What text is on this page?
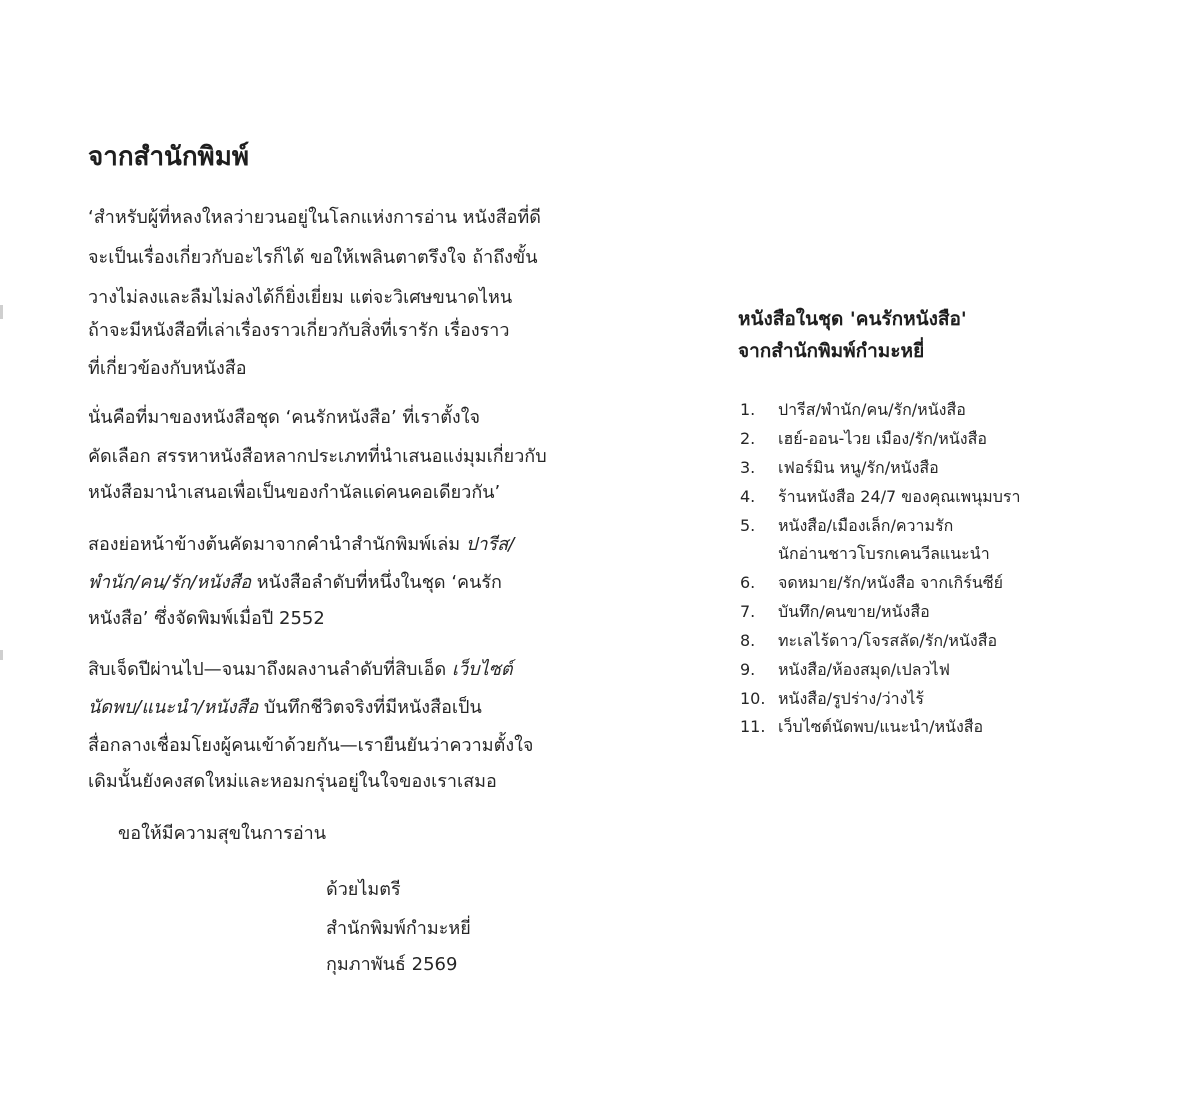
จากสำนักพิมพ์
‘สำหรับผู้ที่หลงใหลว่ายวนอยู่ในโลกแห่งการอ่าน หนังสือที่ดี
จะเป็นเรื่องเกี่ยวกับอะไรก็ได้ ขอให้เพลินตาตรึงใจ ถ้าถึงขั้น
วางไม่ลงและลืมไม่ลงได้ก็ยิ่งเยี่ยม แต่จะวิเศษขนาดไหน
ถ้าจะมีหนังสือที่เล่าเรื่องราวเกี่ยวกับสิ่งที่เรารัก เรื่องราว
ที่เกี่ยวข้องกับหนังสือ
นั่นคือที่มาของหนังสือชุด ‘คนรักหนังสือ’ ที่เราตั้งใจ
คัดเลือก สรรหาหนังสือหลากประเภทที่นำเสนอแง่มุมเกี่ยวกับ
หนังสือมานำเสนอเพื่อเป็นของกำนัลแด่คนคอเดียวกัน’
สองย่อหน้าข้างต้นคัดมาจากคำนำสำนักพิมพ์เล่ม ปารีส/
พำนัก/คน/รัก/หนังสือ หนังสือลำดับที่หนึ่งในชุด ‘คนรัก
หนังสือ’ ซึ่งจัดพิมพ์เมื่อปี 2552
สิบเจ็ดปีผ่านไป—จนมาถึงผลงานลำดับที่สิบเอ็ด เว็บไซต์
นัดพบ/แนะนำ/หนังสือ บันทึกชีวิตจริงที่มีหนังสือเป็น
สื่อกลางเชื่อมโยงผู้คนเข้าด้วยกัน—เรายืนยันว่าความตั้งใจ
เดิมนั้นยังคงสดใหม่และหอมกรุ่นอยู่ในใจของเราเสมอ
ขอให้มีความสุขในการอ่าน
ด้วยไมตรี
สำนักพิมพ์กำมะหยี่
กุมภาพันธ์ 2569
หนังสือในชุด 'คนรักหนังสือ'
จากสำนักพิมพ์กำมะหยี่
1. ปารีส/พำนัก/คน/รัก/หนังสือ
2. เฮย์-ออน-ไวย เมือง/รัก/หนังสือ
3. เฟอร์มิน หนู/รัก/หนังสือ
4. ร้านหนังสือ 24/7 ของคุณเพนุมบรา
5. หนังสือ/เมืองเล็ก/ความรัก
นักอ่านชาวโบรกเคนวีลแนะนำ
6. จดหมาย/รัก/หนังสือ จากเกิร์นซีย์
7. บันทึก/คนขาย/หนังสือ
8. ทะเลไร้ดาว/โจรสลัด/รัก/หนังสือ
9. หนังสือ/ห้องสมุด/เปลวไฟ
10. หนังสือ/รูปร่าง/ว่างไร้
11. เว็บไซต์นัดพบ/แนะนำ/หนังสือ
